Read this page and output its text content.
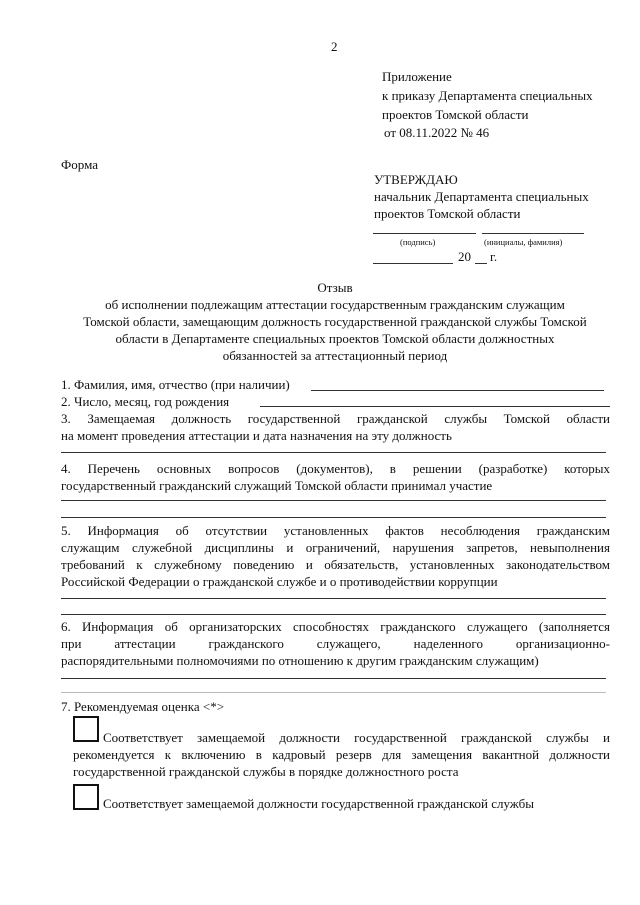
2
Приложение
к приказу Департамента специальных
проектов Томской области
от 08.11.2022 № 46
Форма
УТВЕРЖДАЮ
начальник Департамента специальных
проектов Томской области
(подпись)	(инициалы, фамилия)
20 г.
Отзыв
об исполнении подлежащим аттестации государственным гражданским служащим
Томской области, замещающим должность государственной гражданской службы Томской
области в Департаменте специальных проектов Томской области должностных
обязанностей за аттестационный период
1. Фамилия, имя, отчество (при наличии)
2. Число, месяц, год рождения
3. Замещаемая должность государственной гражданской службы Томской области
на момент проведения аттестации и дата назначения на эту должность
4. Перечень основных вопросов (документов), в решении (разработке) которых
государственный гражданский служащий Томской области принимал участие
5. Информация об отсутствии установленных фактов несоблюдения гражданским
служащим служебной дисциплины и ограничений, нарушения запретов, невыполнения
требований к служебному поведению и обязательств, установленных законодательством
Российской Федерации о гражданской службе и о противодействии коррупции
6. Информация об организаторских способностях гражданского служащего (заполняется
при аттестации гражданского служащего, наделенного организационно-
распорядительными полномочиями по отношению к другим гражданским служащим)
7. Рекомендуемая оценка <*>
Соответствует замещаемой должности государственной гражданской службы и
рекомендуется к включению в кадровый резерв для замещения вакантной должности
государственной гражданской службы в порядке должностного роста
Соответствует замещаемой должности государственной гражданской службы
